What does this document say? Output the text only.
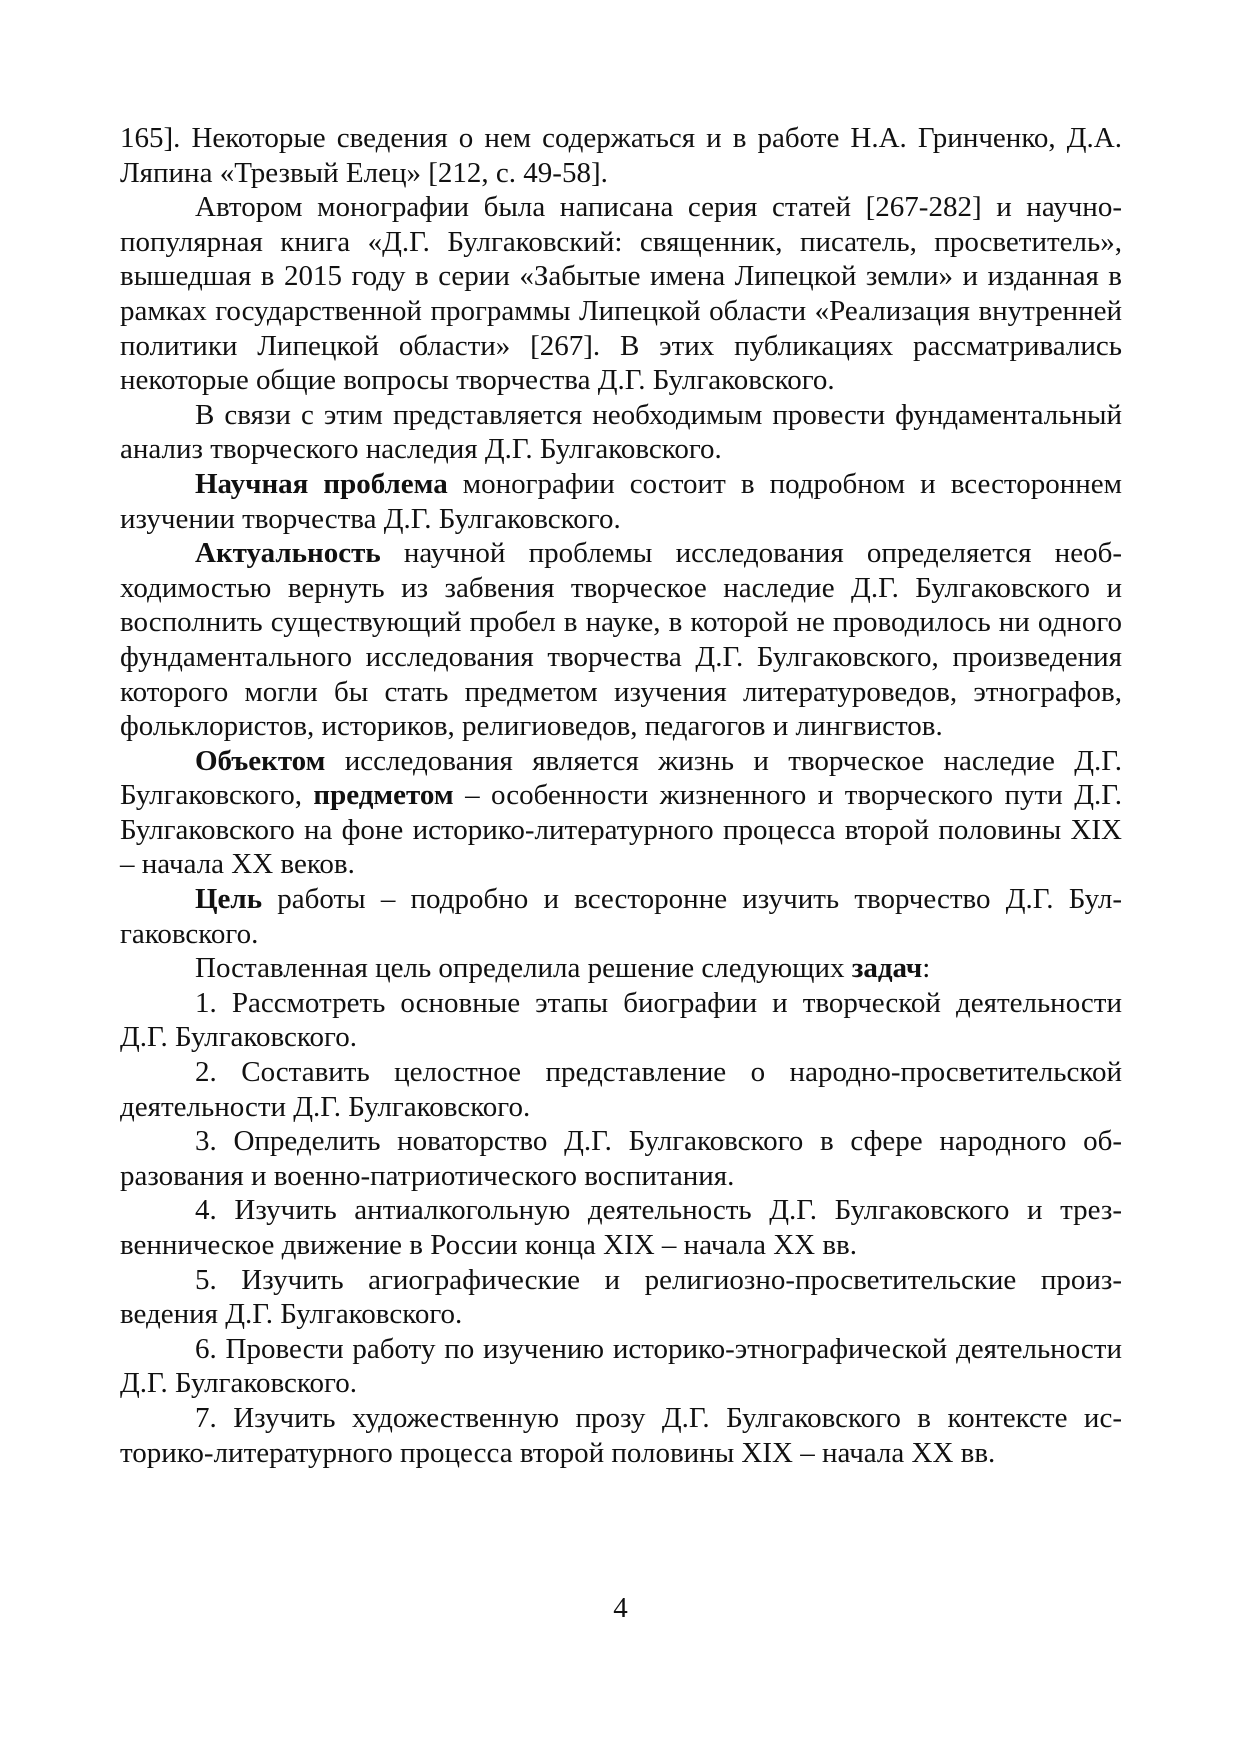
165]. Некоторые сведения о нем содержаться и в работе Н.А. Гринченко, Д.А. Ляпина «Трезвый Елец» [212, с. 49-58].

Автором монографии была написана серия статей [267-282] и научно-популярная книга «Д.Г. Булгаковский: священник, писатель, просветитель», вышедшая в 2015 году в серии «Забытые имена Липецкой земли» и изданная в рамках государственной программы Липецкой области «Реализация внутренней политики Липецкой области» [267]. В этих публикациях рассматривались некоторые общие вопросы творчества Д.Г. Булгаковского.

В связи с этим представляется необходимым провести фундаментальный анализ творческого наследия Д.Г. Булгаковского.

Научная проблема монографии состоит в подробном и всестороннем изучении творчества Д.Г. Булгаковского.

Актуальность научной проблемы исследования определяется необходимостью вернуть из забвения творческое наследие Д.Г. Булгаковского и восполнить существующий пробел в науке, в которой не проводилось ни одного фундаментального исследования творчества Д.Г. Булгаковского, произведения которого могли бы стать предметом изучения литературоведов, этнографов, фольклористов, историков, религиоведов, педагогов и лингвистов.

Объектом исследования является жизнь и творческое наследие Д.Г. Булгаковского, предметом – особенности жизненного и творческого пути Д.Г. Булгаковского на фоне историко-литературного процесса второй половины XIX – начала XX веков.

Цель работы – подробно и всесторонне изучить творчество Д.Г. Булгаковского.

Поставленная цель определила решение следующих задач:

1. Рассмотреть основные этапы биографии и творческой деятельности Д.Г. Булгаковского.

2. Составить целостное представление о народно-просветительской деятельности Д.Г. Булгаковского.

3. Определить новаторство Д.Г. Булгаковского в сфере народного образования и военно-патриотического воспитания.

4. Изучить антиалкогольную деятельность Д.Г. Булгаковского и трезвенническое движение в России конца XIX – начала XX вв.

5. Изучить агиографические и религиозно-просветительские произведения Д.Г. Булгаковского.

6. Провести работу по изучению историко-этнографической деятельности Д.Г. Булгаковского.

7. Изучить художественную прозу Д.Г. Булгаковского в контексте историко-литературного процесса второй половины XIX – начала XX вв.

4
